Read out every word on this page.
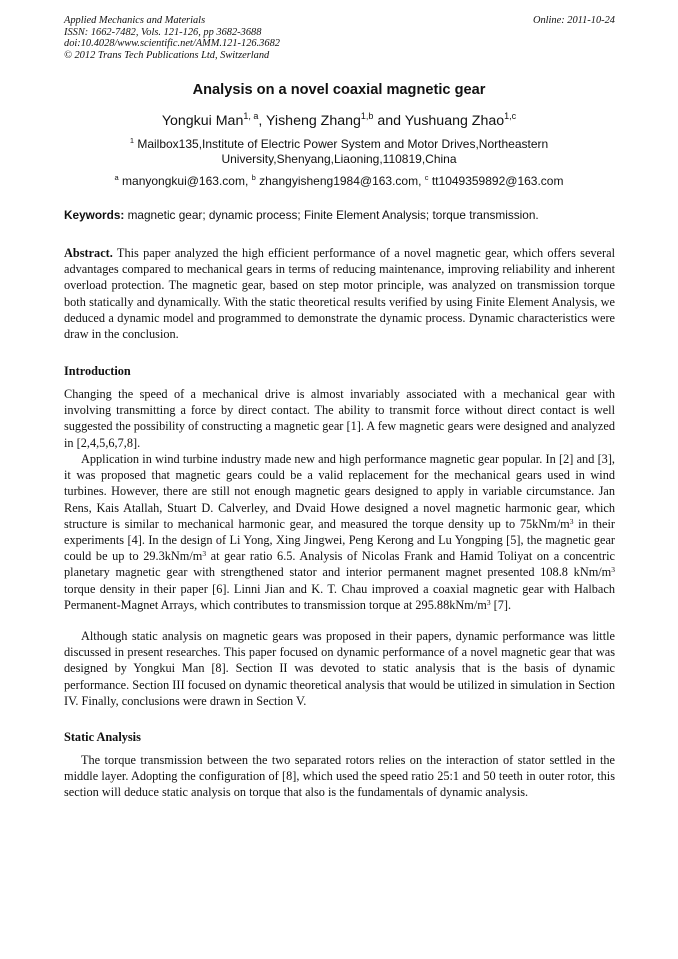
Applied Mechanics and Materials
ISSN: 1662-7482, Vols. 121-126, pp 3682-3688
doi:10.4028/www.scientific.net/AMM.121-126.3682
© 2012 Trans Tech Publications Ltd, Switzerland
Online: 2011-10-24
Analysis on a novel coaxial magnetic gear
Yongkui Man$^{1, a}$, Yisheng Zhang$^{1,b}$ and Yushuang Zhao$^{1,c}$
$^1$ Mailbox135,Institute of Electric Power System and Motor Drives,Northeastern
University,Shenyang,Liaoning,110819,China
$^a$ manyongkui@163.com, $^b$ zhangyisheng1984@163.com, $^c$ tt1049359892@163.com
Keywords: magnetic gear; dynamic process; Finite Element Analysis; torque transmission.

Abstract. This paper analyzed the high efficient performance of a novel magnetic gear, which offers several advantages compared to mechanical gears in terms of reducing maintenance, improving reliability and inherent overload protection. The magnetic gear, based on step motor principle, was analyzed on transmission torque both statically and dynamically. With the static theoretical results verified by using Finite Element Analysis, we deduced a dynamic model and programmed to demonstrate the dynamic process. Dynamic characteristics were draw in the conclusion.

Introduction

Changing the speed of a mechanical drive is almost invariably associated with a mechanical gear with involving transmitting a force by direct contact. The ability to transmit force without direct contact is well suggested the possibility of constructing a magnetic gear [1]. A few magnetic gears were designed and analyzed in [2,4,5,6,7,8].

Application in wind turbine industry made new and high performance magnetic gear popular. In [2] and [3], it was proposed that magnetic gears could be a valid replacement for the mechanical gears used in wind turbines. However, there are still not enough magnetic gears designed to apply in variable circumstance. Jan Rens, Kais Atallah, Stuart D. Calverley, and Dvaid Howe designed a novel magnetic harmonic gear, which structure is similar to mechanical harmonic gear, and measured the torque density up to $75kNm/m^3$ in their experiments [4]. In the design of Li Yong, Xing Jingwei, Peng Kerong and Lu Yongping [5], the magnetic gear could be up to $29.3kNm/m^3$ at gear ratio 6.5. Analysis of Nicolas Frank and Hamid Toliyat on a concentric planetary magnetic gear with strengthened stator and interior permanent magnet presented 108.8 kNm/$m^3$ torque density in their paper [6]. Linni Jian and K. T. Chau improved a coaxial magnetic gear with Halbach Permanent-Magnet Arrays, which contributes to transmission torque at $295.88kNm/m^3$ [7].

Although static analysis on magnetic gears was proposed in their papers, dynamic performance was little discussed in present researches. This paper focused on dynamic performance of a novel magnetic gear that was designed by Yongkui Man [8]. Section II was devoted to static analysis that is the basis of dynamic performance. Section III focused on dynamic theoretical analysis that would be utilized in simulation in Section IV. Finally, conclusions were drawn in Section V.

Static Analysis

The torque transmission between the two separated rotors relies on the interaction of stator settled in the middle layer. Adopting the configuration of [8], which used the speed ratio 25:1 and 50 teeth in outer rotor, this section will deduce static analysis on torque that also is the fundamentals of dynamic analysis.
